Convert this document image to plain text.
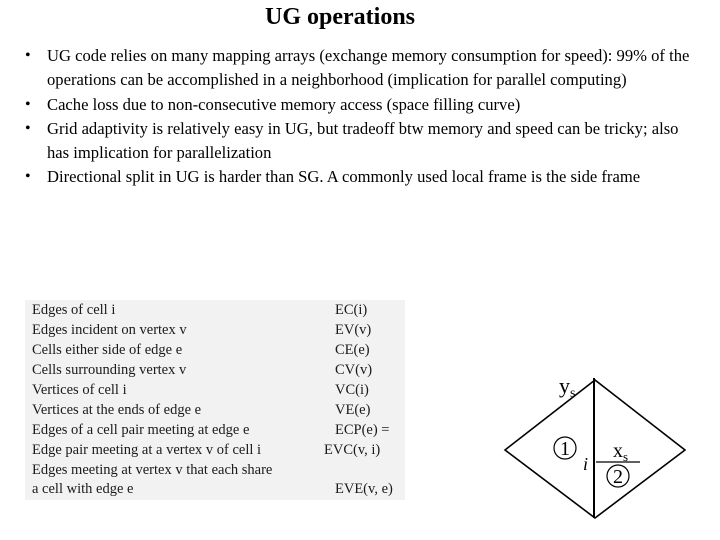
UG operations
• UG code relies on many mapping arrays (exchange memory consumption for speed): 99% of the operations can be accomplished in a neighborhood (implication for parallel computing)
• Cache loss due to non-consecutive memory access (space filling curve)
• Grid adaptivity is relatively easy in UG, but tradeoff btw memory and speed can be tricky; also has implication for parallelization
• Directional split in UG is harder than SG. A commonly used local frame is the side frame
Edges of cell i	EC(i)
Edges incident on vertex v	EV(v)
Cells either side of edge e	CE(e)
Cells surrounding vertex v	CV(v)
Vertices of cell i	VC(i)
Vertices at the ends of edge e	VE(e)
Edges of a cell pair meeting at edge e	ECP(e) =
Edge pair meeting at a vertex v of cell i	EVC(v, i)
Edges meeting at vertex v that each share
a cell with edge e	EVE(v, e)
ys
$x_s$
1
2
i
